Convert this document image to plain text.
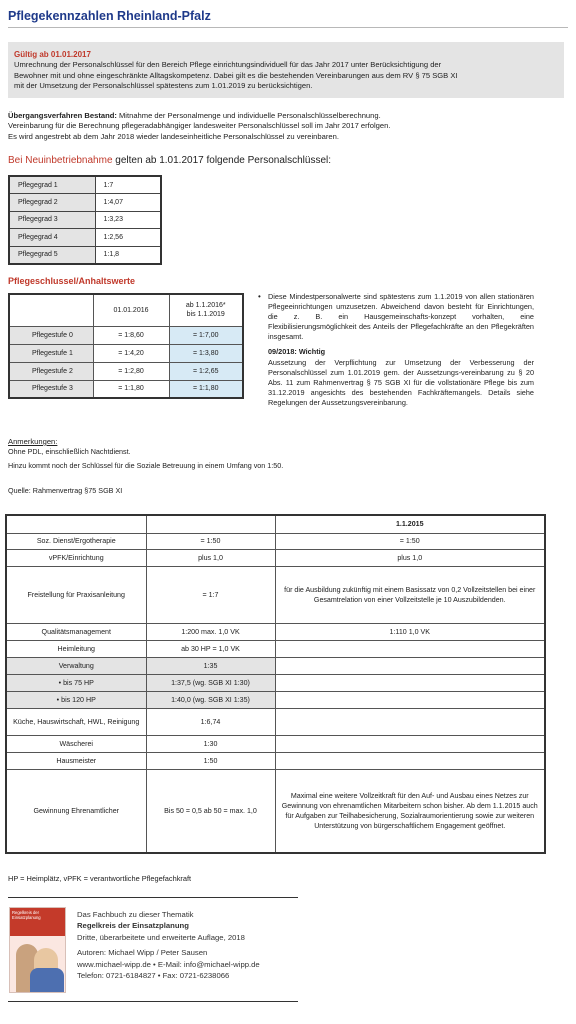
Pflegekennzahlen Rheinland-Pfalz
Gültig ab 01.01.2017
Umrechnung der Personalschlüssel für den Bereich Pflege einrichtungsindividuell für das Jahr 2017 unter Berücksichtigung der
Bewohner mit und ohne eingeschränkte Alltagskompetenz. Dabei gilt es die bestehenden Vereinbarungen aus dem RV § 75 SGB XI
mit der Umsetzung der Personalschlüssel spätestens zum 1.01.2019 zu berücksichtigen.
Übergangsverfahren Bestand: Mitnahme der Personalmenge und individuelle Personalschlüsselberechnung.
Vereinbarung für die Berechnung pflegeradabhängiger landesweiter Personalschlüssel soll im Jahr 2017 erfolgen.
Es wird angestrebt ab dem Jahr 2018 wieder landeseinheitliche Personalschlüssel zu vereinbaren.
Bei Neuinbetriebnahme gelten ab 1.01.2017 folgende Personalschlüssel:
Pflegegrad 1	1:7
Pflegegrad 2	1:4,07
Pflegegrad 3	1:3,23
Pflegegrad 4	1:2,56
Pflegegrad 5	1:1,8
Pflegeschlussel/Anhaltswerte
	01.01.2016	ab 1.1.2016*
bis 1.1.2019

Pflegestufe 0	= 1:8,60	= 1:7,00
Pflegestufe 1	= 1:4,20	= 1:3,80
Pflegestufe 2	= 1:2,80	= 1:2,65
Pflegestufe 3	= 1:1,80	= 1:1,80
• Diese Mindestpersonalwerte sind spätestens zum 1.1.2019 von allen stationären Pflegeeinrichtungen umzusetzen. Abweichend davon besteht für Einrichtungen, die z. B. ein Hausgemeinschafts-konzept vorhalten, eine Flexibilisierungsmöglichkeit des Anteils der Pflegefachkräfte an den Pflegekräften insgesamt.

09/2018: Wichtig

Aussetzung der Verpflichtung zur Umsetzung der Verbesserung der Personalschlüssel zum 1.01.2019 gem. der Aussetzungs-vereinbarung zu § 20 Abs. 11 zum Rahmenvertrag § 75 SGB XI für die vollstationäre Pflege bis zum 31.12.2019 angesichts des bestehenden Fachkräftemangels. Details siehe Regelungen der Aussetzungsvereinbarung.

Anmerkungen:
Ohne PDL, einschließlich Nachtdienst.
Hinzu kommt noch der Schlüssel für die Soziale Betreuung in einem Umfang von 1:50.
Quelle: Rahmenvertrag §75 SGB XI
		1.1.2015
Soz. Dienst/Ergotherapie	= 1:50	= 1:50
vPFK/Einrichtung	plus 1,0	plus 1,0
Freistellung für Praxisanleitung	= 1:7	für die Ausbildung zukünftig mit einem Basissatz von 0,2 Vollzeitstellen bei einer Gesamtrelation von einer Vollzeitstelle je 10 Auszubildenden.
Qualitätsmanagement	1:200 max. 1,0 VK	1:110 1,0 VK
Heimleitung	ab 30 HP = 1,0 VK	
Verwaltung	1:35	
• bis 75 HP	1:37,5 (wg. SGB XI 1:30)	
• bis 120 HP	1:40,0 (wg. SGB XI 1:35)	
Küche, Hauswirtschaft, HWL, Reinigung	1:6,74	
Wäscherei	1:30	
Hausmeister	1:50	
Gewinnung Ehrenamtlicher	Bis 50 = 0,5 ab 50 = max. 1,0	Maximal eine weitere Vollzeitkraft für den Auf- und Ausbau eines Netzes zur Gewinnung von ehrenamtlichen Mitarbeitern schon bisher. Ab dem 1.1.2015 auch für Aufgaben zur Teilhabesicherung, Sozialraumorientierung sowie zur weiteren Unterstützung von bürgerschaftlichem Engagement geöffnet.
HP = Heimplätz, vPFK = verantwortliche Pflegefachkraft
Regelkreis der Einsatzplanung	Das Fachbuch zu dieser Thematik
Regelkreis der Einsatzplanung
Dritte, überarbeitete und erweiterte Auflage, 2018
Autoren: Michael Wipp / Peter Sausen
www.michael-wipp.de • E-Mail: info@michael-wipp.de
Telefon: 0721-6184827 • Fax: 0721-6238066
